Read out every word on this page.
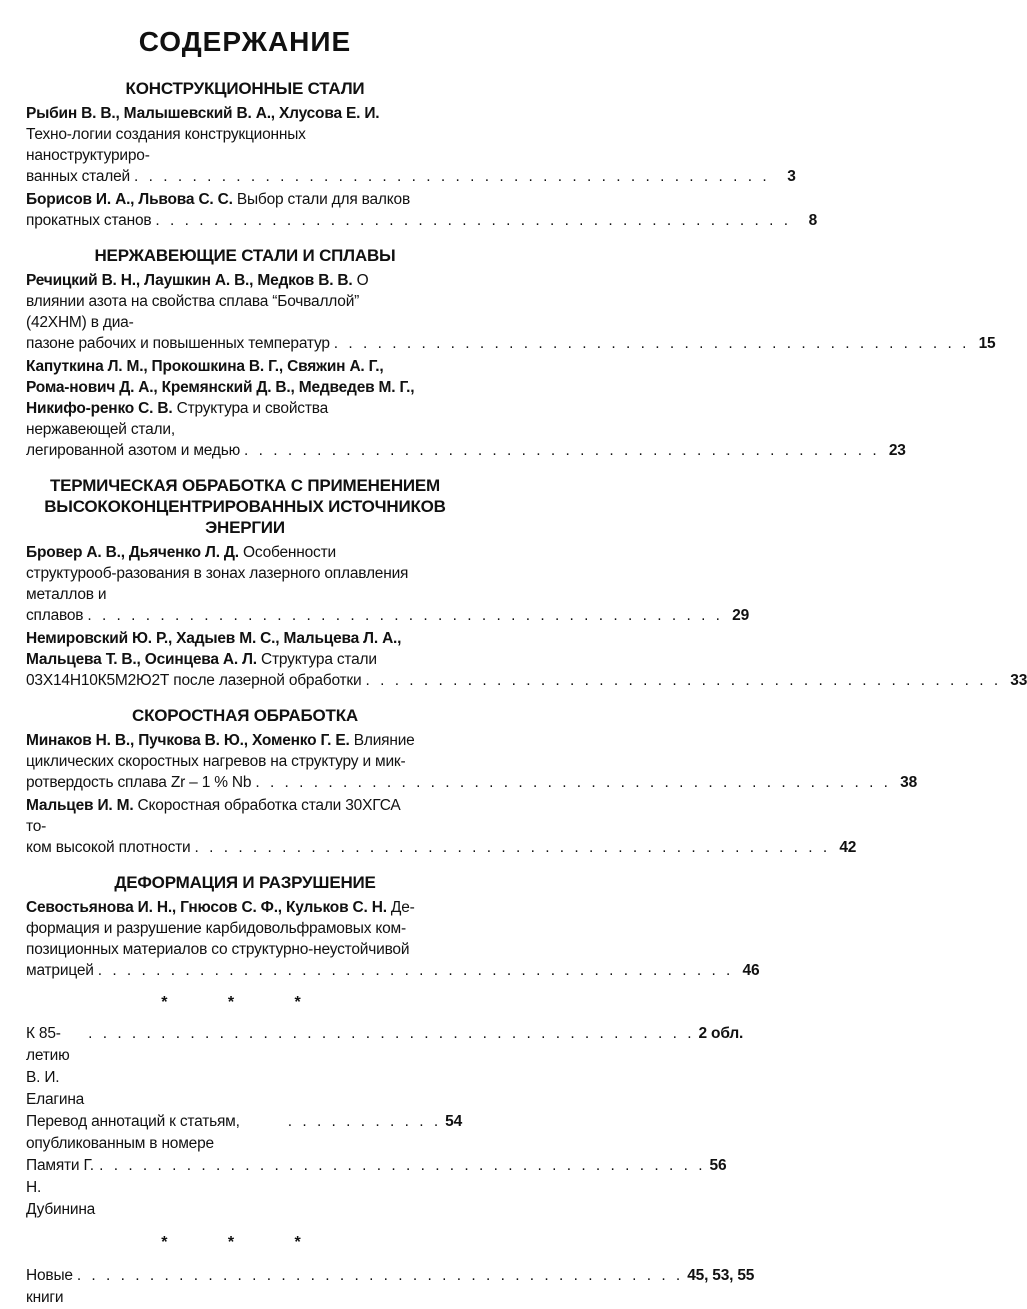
СОДЕРЖАНИЕ
КОНСТРУКЦИОННЫЕ СТАЛИ
Рыбин В. В., Малышевский В. А., Хлусова Е. И. Техно-логии создания конструкционных наноструктуриро-
ванных сталей . . . . . . . . . . . . . . . . . . . . . . . . . . . . . . . . . . . . . . . . . . . .	3
Борисов И. А., Львова С. С. Выбор стали для валков
прокатных станов . . . . . . . . . . . . . . . . . . . . . . . . . . . . . . . . . . . . . . . . . . . .	8
НЕРЖАВЕЮЩИЕ СТАЛИ И СПЛАВЫ
Речицкий В. Н., Лаушкин А. В., Медков В. В. О влиянии азота на свойства сплава “Бочваллой” (42ХНМ) в диа-
пазоне рабочих и повышенных температур . . . . . . . . . . . . . . . . . . . . . . . . . . . . . . . . . . . . . . . . . . . . 15
Капуткина Л. М., Прокошкина В. Г., Свяжин А. Г., Рома-нович Д. А., Кремянский Д. В., Медведев М. Г., Никифо-ренко С. В. Структура и свойства нержавеющей стали,
легированной азотом и медью . . . . . . . . . . . . . . . . . . . . . . . . . . . . . . . . . . . . . . . . . . . . 23
ТЕРМИЧЕСКАЯ ОБРАБОТКА С ПРИМЕНЕНИЕМ ВЫСОКОКОНЦЕНТРИРОВАННЫХ ИСТОЧНИКОВ ЭНЕРГИИ
Бровер А. В., Дьяченко Л. Д. Особенности структурооб-разования в зонах лазерного оплавления металлов и
сплавов . . . . . . . . . . . . . . . . . . . . . . . . . . . . . . . . . . . . . . . . . . . . 29
Немировский Ю. Р., Хадыев М. С., Мальцева Л. А., Мальцева Т. В., Осинцева А. Л. Структура стали
03Х14Н10К5М2Ю2Т после лазерной обработки . . . . . . . . . . . . . . . . . . . . . . . . . . . . . . . . . . . . . . . . . . . . 33
СКОРОСТНАЯ ОБРАБОТКА
Минаков Н. В., Пучкова В. Ю., Хоменко Г. Е. Влияние циклических скоростных нагревов на структуру и мик-
ротвердость сплава Zr – 1 % Nb . . . . . . . . . . . . . . . . . . . . . . . . . . . . . . . . . . . . . . . . . . . . 38
Мальцев И. М. Скоростная обработка стали 30ХГСА то-
ком высокой плотности . . . . . . . . . . . . . . . . . . . . . . . . . . . . . . . . . . . . . . . . . . . . 42
ДЕФОРМАЦИЯ И РАЗРУШЕНИЕ
Севостьянова И. Н., Гнюсов С. Ф., Кульков С. Н. Де-формация и разрушение карбидовольфрамовых ком-позиционных материалов со структурно-неустойчивой
матрицей . . . . . . . . . . . . . . . . . . . . . . . . . . . . . . . . . . . . . . . . . . . . 46
* * *
К 85-летию В. И. Елагина
. . . . . . . . . . . . . . . . . . . . . . . . . . . . . . . . . . . . . . . . . . 2 обл.
Перевод аннотаций к статьям, опубликованным в номере
. . . . . . . . . . . 54
Памяти Г. Н. Дубинина
. . . . . . . . . . . . . . . . . . . . . . . . . . . . . . . . . . . . . . . . . . 56
* * *
Новые книги
. . . . . . . . . . . . . . . . . . . . . . . . . . . . . . . . . . . . . . . . . . 45, 53, 55
